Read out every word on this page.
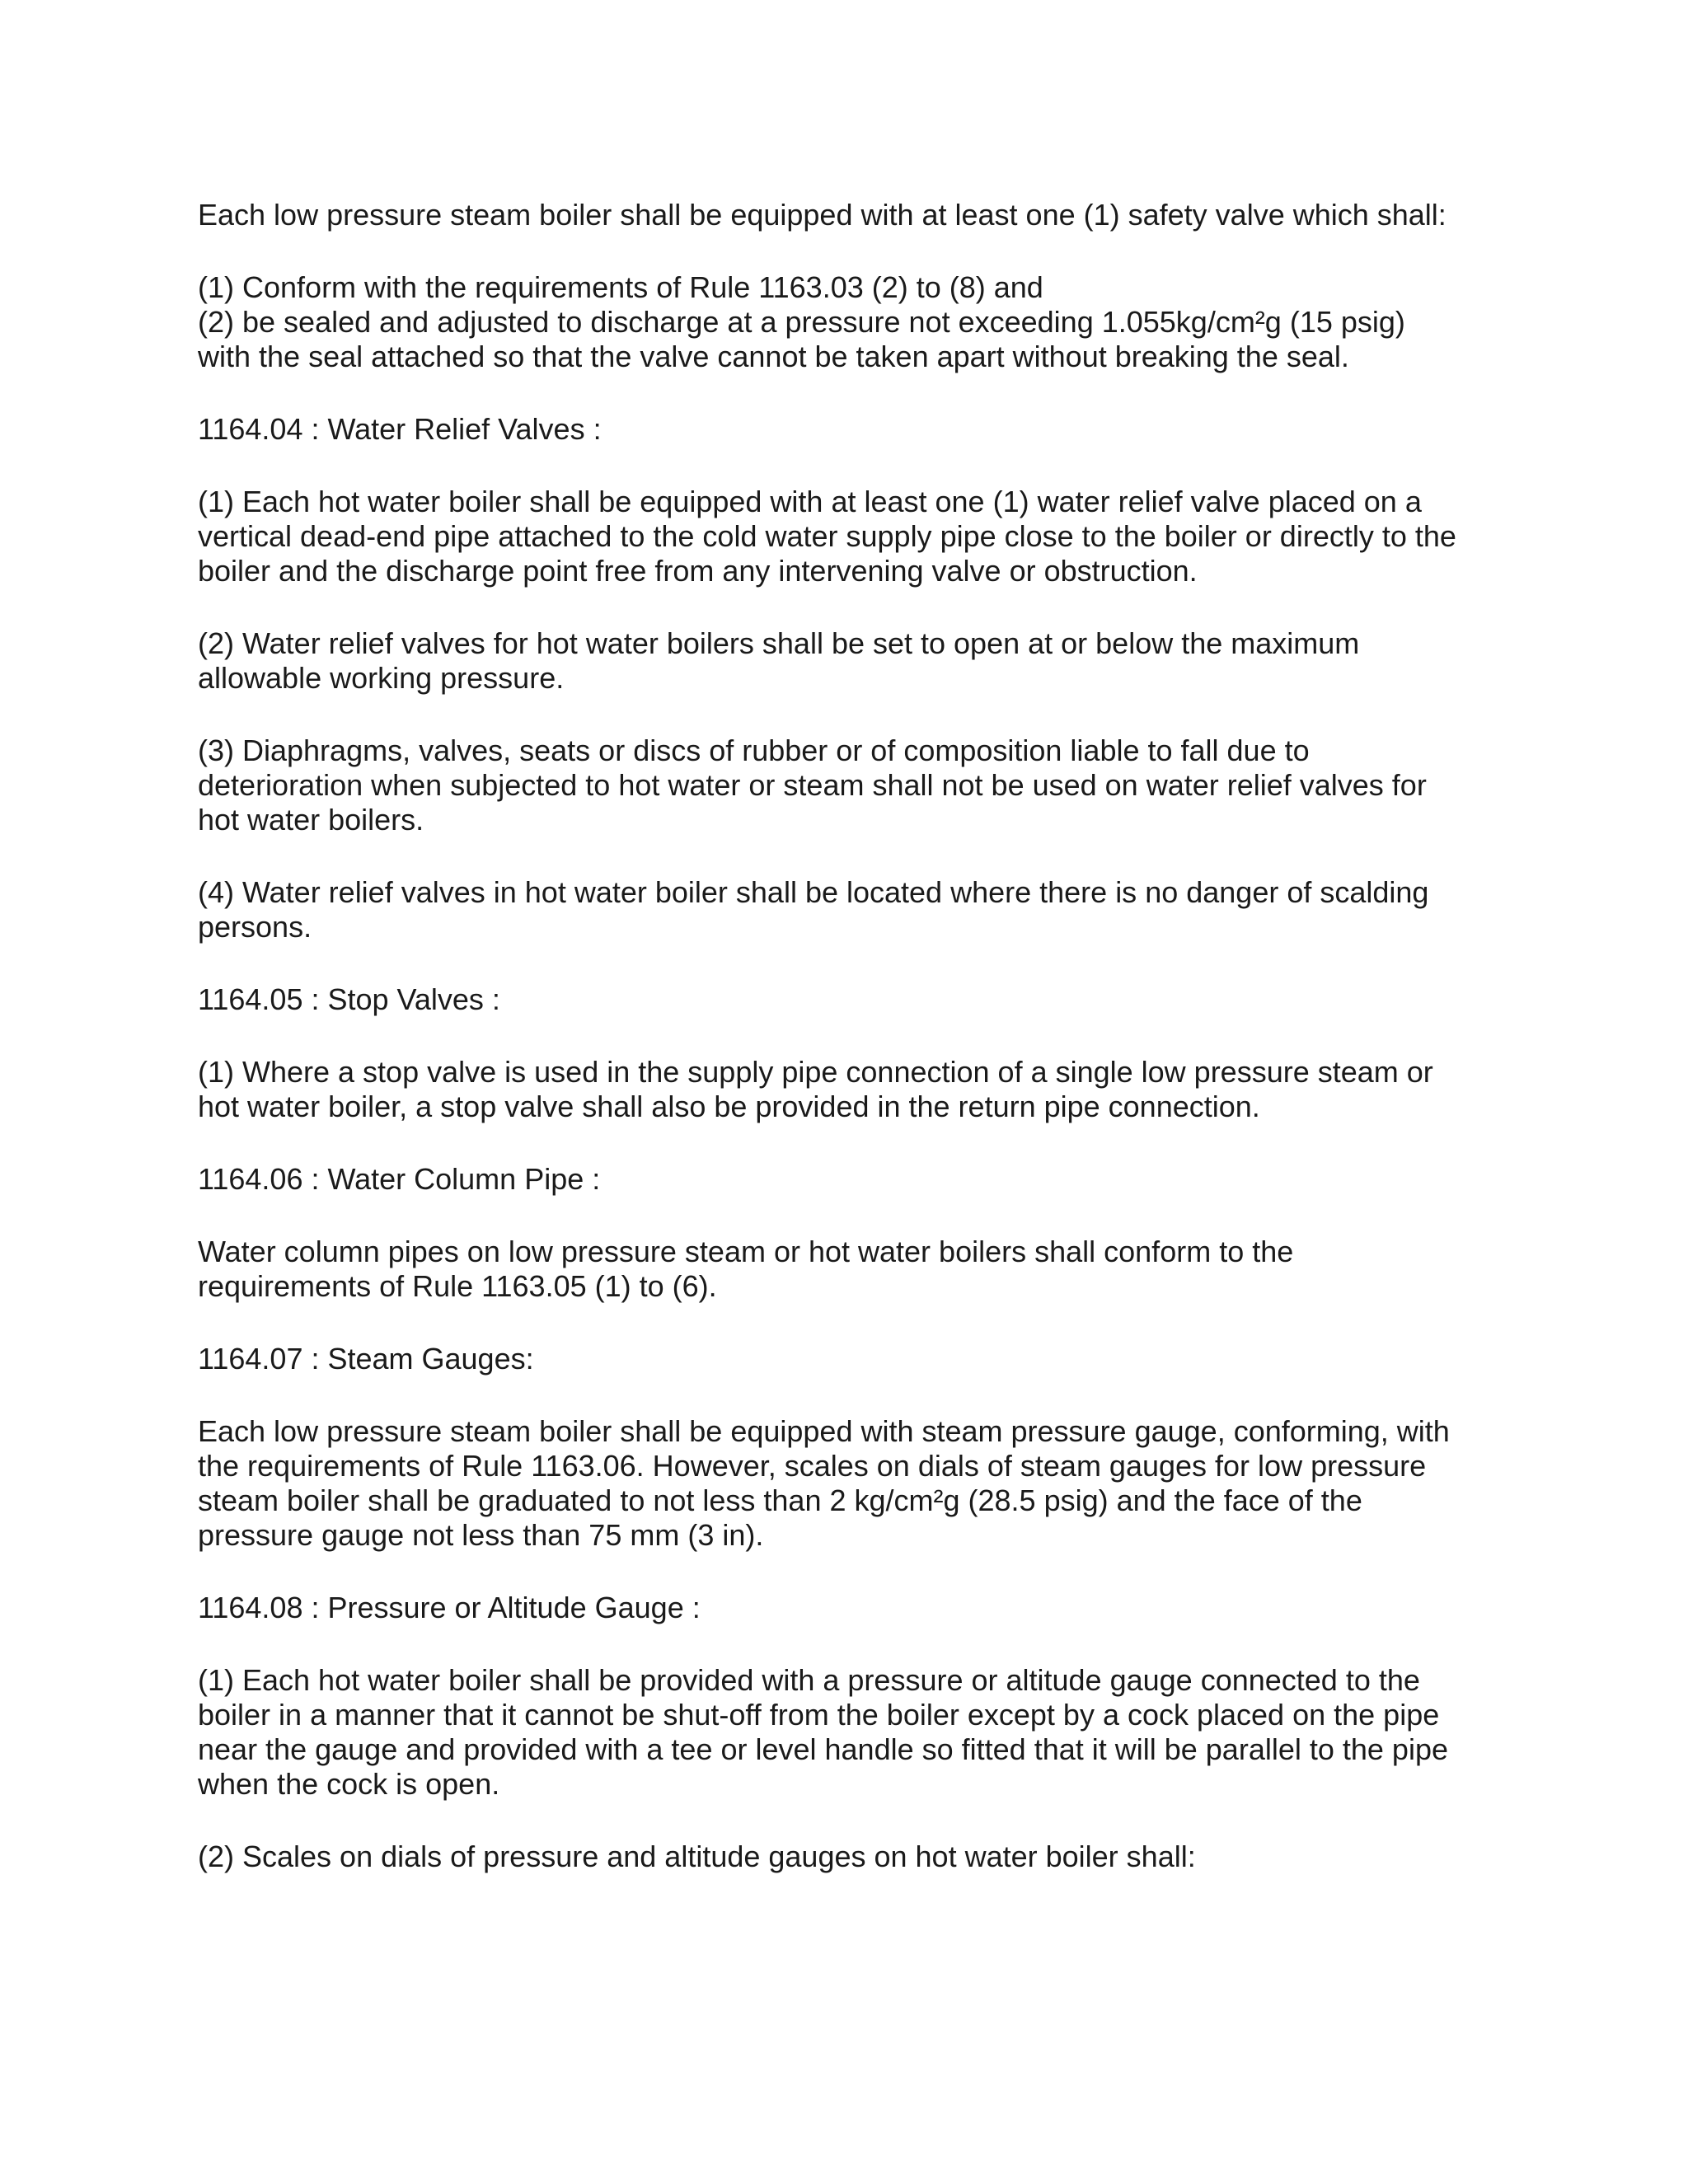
Each low pressure steam boiler shall be equipped with at least one (1) safety valve which shall:

(1) Conform with the requirements of Rule 1163.03 (2) to (8) and
(2) be sealed and adjusted to discharge at a pressure not exceeding 1.055kg/cm²g (15 psig)
with the seal attached so that the valve cannot be taken apart without breaking the seal.

1164.04 : Water Relief Valves :

(1) Each hot water boiler shall be equipped with at least one (1) water relief valve placed on a
vertical dead-end pipe attached to the cold water supply pipe close to the boiler or directly to the
boiler and the discharge point free from any intervening valve or obstruction.

(2) Water relief valves for hot water boilers shall be set to open at or below the maximum
allowable working pressure.

(3) Diaphragms, valves, seats or discs of rubber or of composition liable to fall due to
deterioration when subjected to hot water or steam shall not be used on water relief valves for
hot water boilers.

(4) Water relief valves in hot water boiler shall be located where there is no danger of scalding
persons.

1164.05 : Stop Valves :

(1) Where a stop valve is used in the supply pipe connection of a single low pressure steam or
hot water boiler, a stop valve shall also be provided in the return pipe connection.

1164.06 : Water Column Pipe :

Water column pipes on low pressure steam or hot water boilers shall conform to the
requirements of Rule 1163.05 (1) to (6).

1164.07 : Steam Gauges:

Each low pressure steam boiler shall be equipped with steam pressure gauge, conforming, with
the requirements of Rule 1163.06. However, scales on dials of steam gauges for low pressure
steam boiler shall be graduated to not less than 2 kg/cm²g (28.5 psig) and the face of the
pressure gauge not less than 75 mm (3 in).

1164.08 : Pressure or Altitude Gauge :

(1) Each hot water boiler shall be provided with a pressure or altitude gauge connected to the
boiler in a manner that it cannot be shut-off from the boiler except by a cock placed on the pipe
near the gauge and provided with a tee or level handle so fitted that it will be parallel to the pipe
when the cock is open.

(2) Scales on dials of pressure and altitude gauges on hot water boiler shall:
